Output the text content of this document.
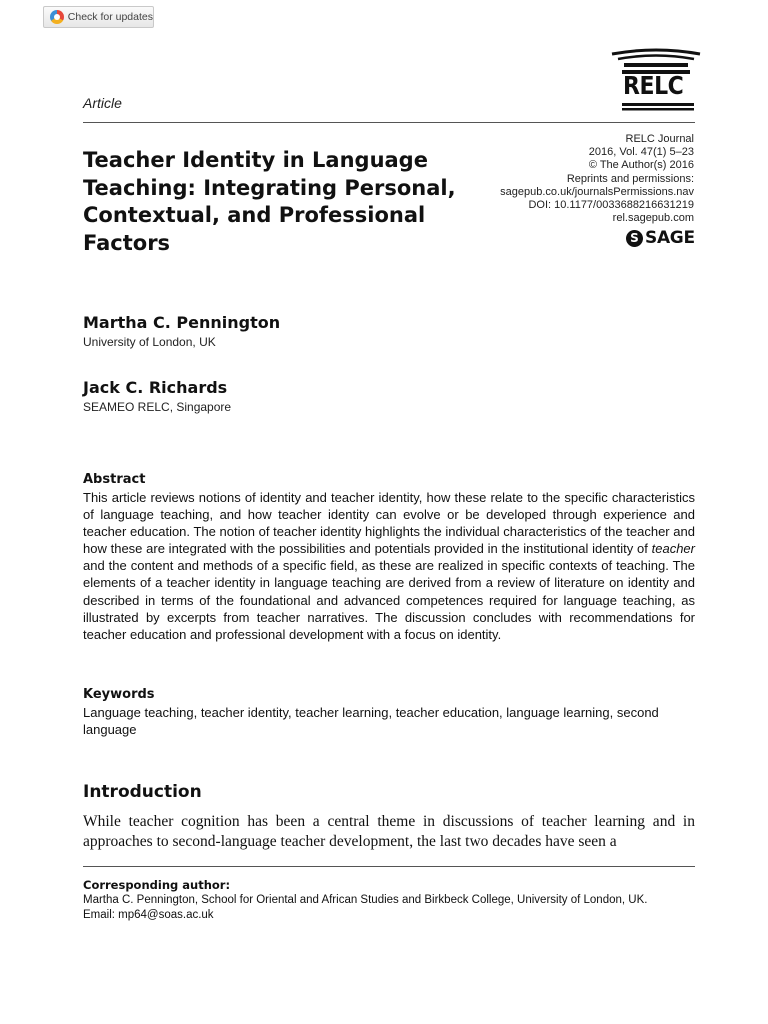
Check for updates
RELC
Article
Teacher Identity in Language Teaching: Integrating Personal, Contextual, and Professional Factors
RELC Journal
2016, Vol. 47(1) 5–23
© The Author(s) 2016
Reprints and permissions:
sagepub.co.uk/journalsPermissions.nav
DOI: 10.1177/0033688216631219
rel.sagepub.com
S
SAGE
Martha C. Pennington
University of London, UK
Jack C. Richards
SEAMEO RELC, Singapore
Abstract

This article reviews notions of identity and teacher identity, how these relate to the specific characteristics of language teaching, and how teacher identity can evolve or be developed through experience and teacher education. The notion of teacher identity highlights the individual characteristics of the teacher and how these are integrated with the possibilities and potentials provided in the institutional identity of teacher and the content and methods of a specific field, as these are realized in specific contexts of teaching. The elements of a teacher identity in language teaching are derived from a review of literature on identity and described in terms of the foundational and advanced competences required for language teaching, as illustrated by excerpts from teacher narratives. The discussion concludes with recommendations for teacher education and professional development with a focus on identity.

Keywords

Language teaching, teacher identity, teacher learning, teacher education, language learning, second language

Introduction

While teacher cognition has been a central theme in discussions of teacher learning and in approaches to second-language teacher development, the last two decades have seen a

Corresponding author:
Martha C. Pennington, School for Oriental and African Studies and Birkbeck College, University of London, UK.
Email: mp64@soas.ac.uk
